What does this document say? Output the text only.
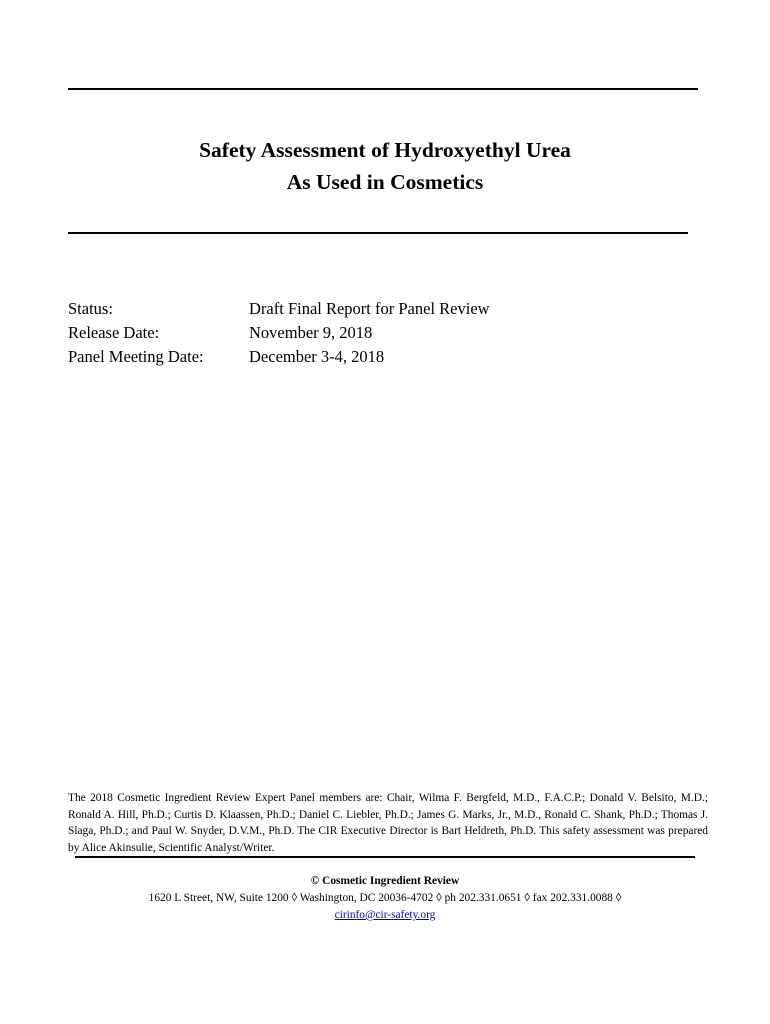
Safety Assessment of Hydroxyethyl Urea
As Used in Cosmetics
Status:	Draft Final Report for Panel Review
Release Date:	November 9, 2018
Panel Meeting Date:	December 3-4, 2018

The 2018 Cosmetic Ingredient Review Expert Panel members are: Chair, Wilma F. Bergfeld, M.D., F.A.C.P.; Donald V. Belsito, M.D.; Ronald A. Hill, Ph.D.; Curtis D. Klaassen, Ph.D.; Daniel C. Liebler, Ph.D.; James G. Marks, Jr., M.D., Ronald C. Shank, Ph.D.; Thomas J. Slaga, Ph.D.; and Paul W. Snyder, D.V.M., Ph.D. The CIR Executive Director is Bart Heldreth, Ph.D. This safety assessment was prepared by Alice Akinsulie, Scientific Analyst/Writer.

© Cosmetic Ingredient Review
1620 L Street, NW, Suite 1200 ◊ Washington, DC 20036-4702 ◊ ph 202.331.0651 ◊ fax 202.331.0088 ◊
cirinfo@cir-safety.org
